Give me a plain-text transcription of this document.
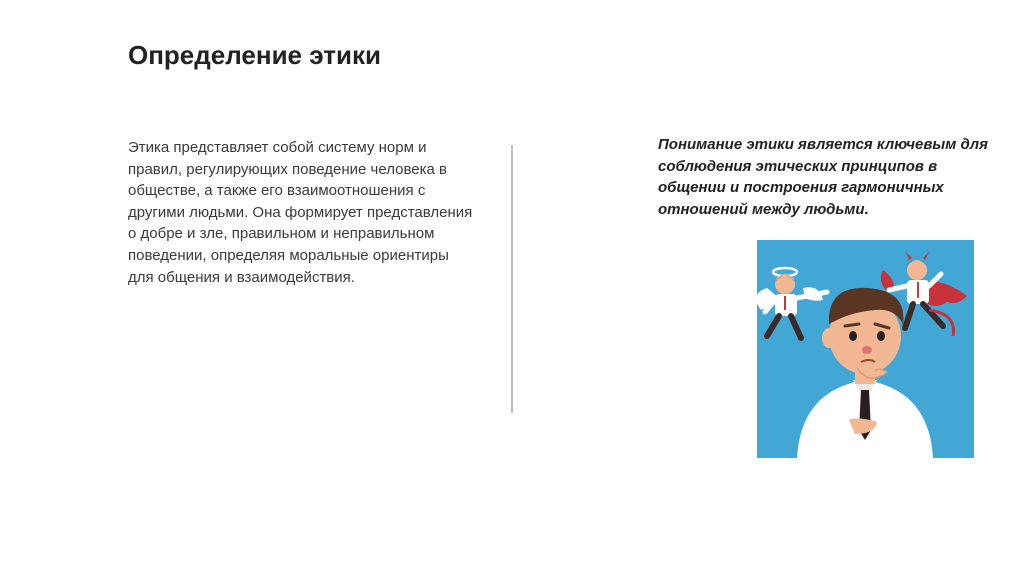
Определение этики

Этика представляет собой систему норм и правил, регулирующих поведение человека в обществе, а также его взаимоотношения с другими людьми. Она формирует представления о добре и зле, правильном и неправильном поведении, определяя моральные ориентиры для общения и взаимодействия.

Понимание этики является ключевым для соблюдения этических принципов в общении и построения гармоничных отношений между людьми.
